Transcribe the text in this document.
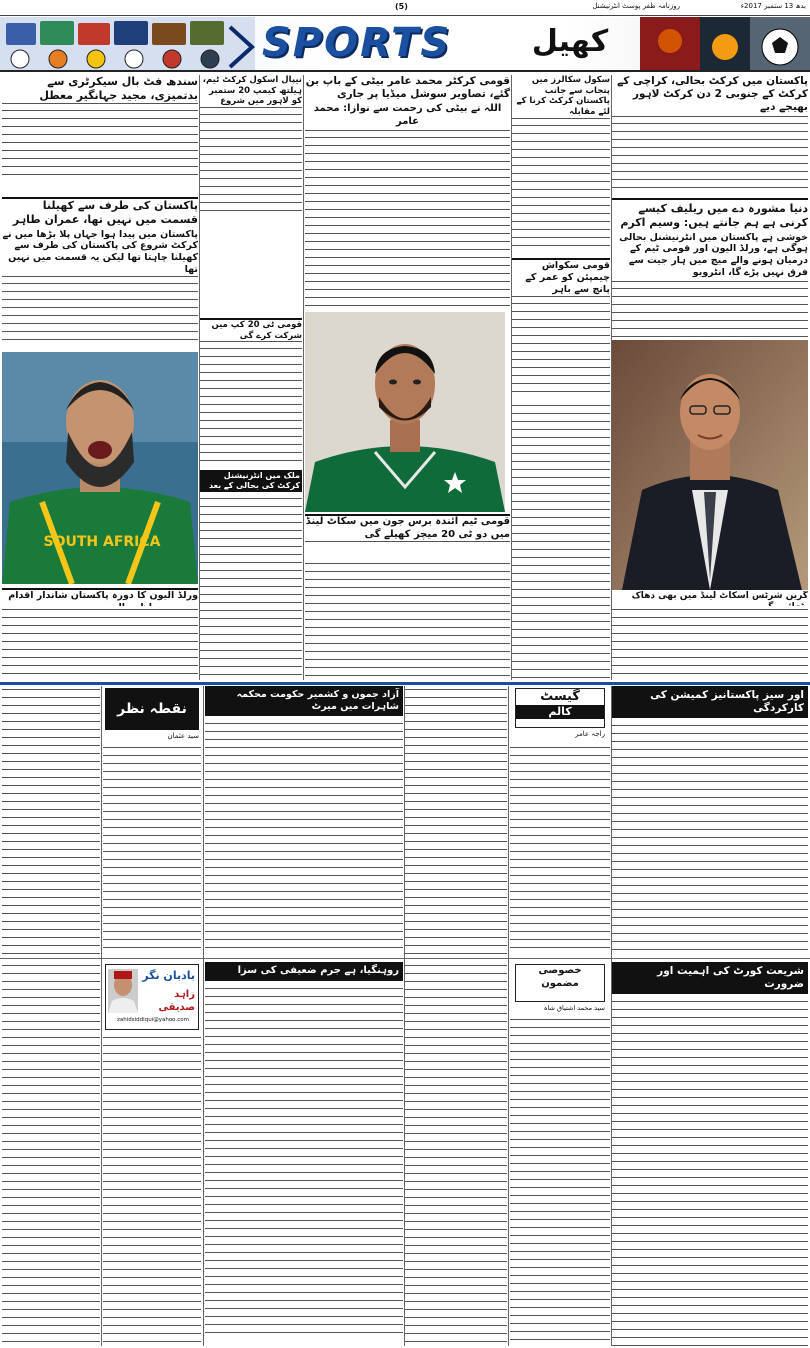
روزنامہ ظفر پوسٹ انٹرنیشنل
(5)	بدھ 13 ستمبر 2017ء
SPORTS	کھیل
پاکستان میں کرکٹ بحالی، کراچی کے کرکٹ کے جنوبی 2 دن کرکٹ لاہور بھیجے دیے
دنیا مشورہ دے میں ریلیف کیسے کرنی ہے ہم جانتے ہیں: وسیم اکرم
خوشی ہے پاکستان میں انٹرنیشنل بحالی ہوگی ہے، ورلڈ الیون اور قومی ٹیم کے درمیان ہونے والے میچ میں ہار جیت سے فرق نہیں پڑے گا، انٹرویو
گرین شرٹس اسکاٹ لینڈ میں بھی دھاک
سکول سکالرز میں پنجاب سے جانب پاکستان کرکٹ کرنا کے لئے مقابلہ
قومی سکواش چیمپئن کو عمر کے پانچ سے باہر
قومی کرکٹر محمد عامر بیٹی کے باپ بن گئے، تصاویر سوشل میڈیا پر جاری
اللہ نے بیٹی کی رحمت سے نوازا: محمد عامر
قومی ٹیم آئندہ برس جون میں سکاٹ لینڈ میں دو ٹی 20 میچز کھیلے گی
نیپال اسکول کرکٹ ٹیم، ہیلتھ کیمپ 20 ستمبر کو لاہور میں شروع
قومی ٹی 20 کپ میں شرکت کرے گی
ملک میں انٹرنیشنل کرکٹ کی بحالی کے بعد
سندھ فٹ بال سیکرٹری سے بدتمیزی، مجید جہانگیر معطل
پاکستان کی طرف سے کھیلنا قسمت میں نہیں تھا، عمران طاہر
پاکستان میں پیدا ہوا جہاں پلا بڑھا میں نے کرکٹ شروع کی پاکستان کی طرف سے کھیلنا چاہتا تھا لیکن یہ قسمت میں نہیں تھا
SOUTH AFRICA
ورلڈ الیون کا دورہ پاکستان شاندار اقدام
اور سیز پاکستانیز کمیشن کی کارکردگی
گیسٹ
کالم
راجہ عامر
آزاد جموں و کشمیر حکومت محکمہ شاہرات میں میرٹ
نقطہ نظر
سید عثمان
شریعت کورٹ کی اہمیت اور ضرورت
خصوصی
مضمون
سید محمد اشتیاق شاہ
روہنگیا، ہے جرم ضعیفی کی سزا
بادبان نگر
زاہد صدیقی
zahidsiddiqui@yahoo.com
